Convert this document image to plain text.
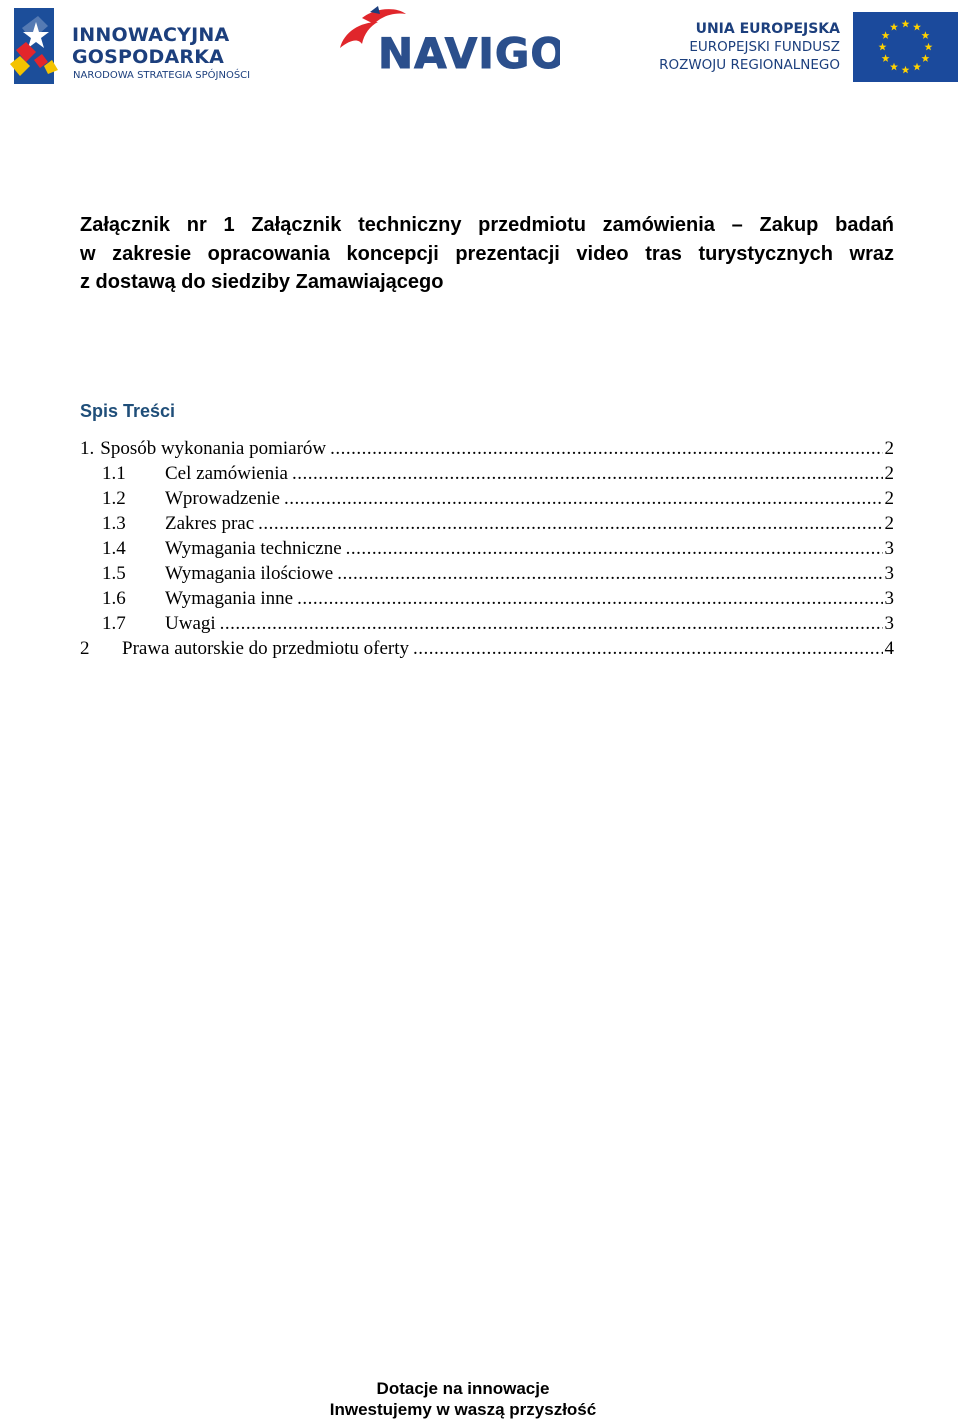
INNOWACYJNA
GOSPODARKA
NARODOWA STRATEGIA SPÓJNOŚCI	NAVIGO	UNIA EUROPEJSKA
EUROPEJSKI FUNDUSZ
ROZWOJU REGIONALNEGO
Załącznik nr 1 Załącznik techniczny przedmiotu zamówienia – Zakup badań
w zakresie opracowania koncepcji prezentacji video tras turystycznych wraz
z dostawą do siedziby Zamawiającego
Spis Treści
1. Sposób wykonania pomiarów .....	2
1.1	Cel zamówienia .....	2
1.2	Wprowadzenie .....	2
1.3	Zakres prac .....	2
1.4	Wymagania techniczne .....	3
1.5	Wymagania ilościowe .....	3
1.6	Wymagania inne .....	3
1.7	Uwagi .....	3
2	Prawa autorskie do przedmiotu oferty .....	4
Dotacje na innowacje
Inwestujemy w waszą przyszłość
